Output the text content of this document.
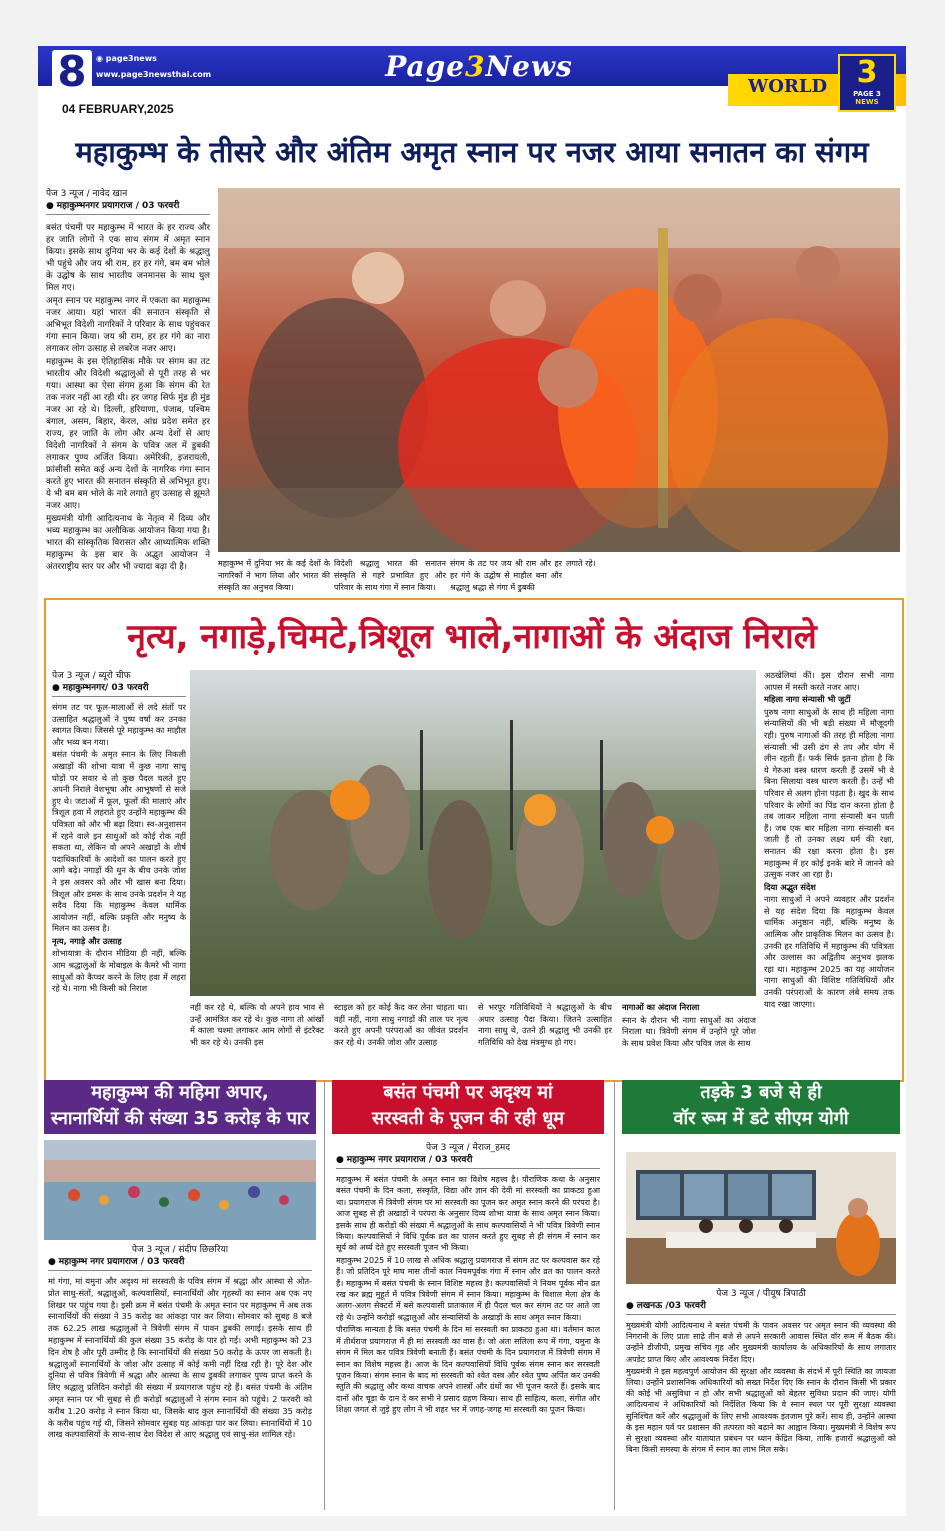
8	◉ page3news
www.page3newsthai.com	Page3News
WORLD 3
PAGE 3
NEWS
04 FEBRUARY,2025
महाकुम्भ के तीसरे और अंतिम अमृत स्नान पर नजर आया सनातन का संगम
पेज 3 न्यूज / नावेद खान
● महाकुम्भनगर प्रयागराज / 03 फरवरी

बसंत पंचमी पर महाकुम्भ में भारत के हर राज्य और हर जाति लोगों ने एक साथ संगम में अमृत स्नान किया। इसके साथ दुनिया भर के कई देशों के श्रद्धालु भी पहुंचे और जय श्री राम, हर हर गंगे, बम बम भोले के उद्घोष के साथ भारतीय जनमानस के साथ घुल मिल गए।

अमृत स्नान पर महाकुम्भ नगर में एकता का महाकुम्भ नजर आया। यहां भारत की सनातन संस्कृति से अभिभूत विदेशी नागरिकों ने परिवार के साथ पहुंचकर गंगा स्नान किया। जय श्री राम, हर हर गंगे का नारा लगाकर लोग उत्साह से लबरेज नजर आए।

महाकुम्भ के इस ऐतिहासिक मौके पर संगम का तट भारतीय और विदेशी श्रद्धालुओं से पूरी तरह से भर गया। आस्था का ऐसा संगम हुआ कि संगम की रेत तक नजर नहीं आ रही थी। हर जगह सिर्फ मुंड ही मुंड नजर आ रहे थे। दिल्ली, हरियाणा, पंजाब, पश्चिम बंगाल, असम, बिहार, केरल, आंध्र प्रदेश समेत हर राज्य, हर जाति के लोग और अन्य देशों से आए विदेशी नागरिकों ने संगम के पवित्र जल में डुबकी लगाकर पुण्य अर्जित किया। अमेरिकी, इजरायली, फ्रांसीसी समेत कई अन्य देशों के नागरिक गंगा स्नान करते हुए भारत की सनातन संस्कृति से अभिभूत हुए। ये भी बम बम भोले के नारे लगाते हुए उत्साह से झूमते नजर आए।

मुख्यमंत्री योगी आदित्यनाथ के नेतृत्व में दिव्य और भव्य महाकुम्भ का अलौकिक आयोजन किया गया है। भारत की सांस्कृतिक विरासत और आध्यात्मिक शक्ति महाकुम्भ के इस बार के अद्भुत आयोजन ने अंतरराष्ट्रीय स्तर पर और भी ज्यादा बढ़ा दी है।	महाकुम्भ में दुनिया भर के कई देशों के नागरिकों ने भाग लिया और भारत की संस्कृति का अनुभव किया।
विदेशी श्रद्धालु भारत की सनातन संस्कृति से गहरे प्रभावित हुए और परिवार के साथ गंगा में स्नान किया।
संगम के तट पर जय श्री राम और हर हर गंगे के उद्घोष से माहौल बना और श्रद्धालु श्रद्धा से गंगा में डुबकी
लगाते रहे।
नृत्य, नगाड़े,चिमटे,त्रिशूल भाले,नागाओं के अंदाज निराले
पेज 3 न्यूज / ब्यूरो चीफ
● महाकुम्भनगर/ 03 फरवरी

संगम तट पर फूल-मालाओं से लदे संतों पर उत्साहित श्रद्धालुओं ने पुष्प वर्षा कर उनका स्वागत किया। जिससे पूरे महाकुम्भ का माहौल और भव्य बन गया।

बसंत पंचमी के अमृत स्नान के लिए निकली अखाड़ों की शोभा यात्रा में कुछ नागा साधु घोड़ों पर सवार थे तो कुछ पैदल चलते हुए अपनी निराले वेशभूषा और आभूषणों से सजे हुए थे। जटाओं में फूल, फूलों की मालाएं और त्रिशूल हवा में लहराते हुए उन्होंने महाकुम्भ की पवित्रता को और भी बढ़ा दिया। स्व-अनुशासन में रहने वाले इन साधुओं को कोई रोक नहीं सकता था, लेकिन वो अपने अखाड़ों के शीर्ष पदाधिकारियों के आदेशों का पालन करते हुए आगे बढ़े। नगाड़ों की धुन के बीच उनके जोश ने इस अवसर को और भी खास बना दिया। त्रिशूल और डमरू के साथ उनके प्रदर्शन ने यह सदैव दिया कि महाकुम्भ केवल धार्मिक आयोजन नहीं, बल्कि प्रकृति और मनुष्य के मिलन का उत्सव है।

नृत्य, नगाड़े और उत्साह

शोभायात्रा के दौरान मीडिया ही नहीं, बल्कि आम श्रद्धालुओं के मोबाइल के कैमरे भी नागा साधुओं को कैप्चर करने के लिए हवा में लहरा रहे थे। नागा भी किसी को निराश

नहीं कर रहे थे, बल्कि वो अपने हाव भाव से उन्हें आमंत्रित कर रहे थे। कुछ नागा तो आंखों में काला चश्मा लगाकर आम लोगों से इंटरैक्ट भी कर रहे थे। उनकी इस
स्टाइल को हर कोई कैद कर लेना चाहता था। वहीं नहीं, नागा साधु नगाड़ों की ताल पर नृत्य करते हुए अपनी परंपराओं का जीवंत प्रदर्शन कर रहे थे। उनकी जोश और उत्साह
से भरपूर गतिविधियों ने श्रद्धालुओं के बीच अपार उत्साह पैदा किया। जितने उत्साहित नागा साधु थे, उतने ही श्रद्धालु भी उनकी हर गतिविधि को देख मंत्रमुग्ध हो गए।

नागाओं का अंदाज निराला

स्नान के दौरान भी नागा साधुओं का अंदाज निराला था। त्रिवेणी संगम में उन्होंने पूरे जोश के साथ प्रवेश किया और पवित्र जल के साथ

अठखेलियां कीं। इस दौरान सभी नागा आपस में मस्ती करते नजर आए।

महिला नागा संन्यासी भी जुटीं

पुरुष नागा साधुओं के साथ ही महिला नागा संन्यासियों की भी बड़ी संख्या में मौजूदगी रही। पुरुष नागाओं की तरह ही महिला नागा संन्यासी भी उसी ढंग से तप और योग में लीन रहती हैं। फर्क सिर्फ इतना होता है कि ये गेरुआ वस्त्र धारण करती हैं उसमें भी वे बिना सिलाया वस्त्र धारण करती हैं। उन्हें भी परिवार से अलग होना पड़ता है। खुद के साथ परिवार के लोगों का पिंड दान करना होता है तब जाकर महिला नागा संन्यासी बन पाती हैं। जब एक बार महिला नागा संन्यासी बन जाती हैं तो उनका लक्ष्य धर्म की रक्षा, सनातन की रक्षा करना होता है। इस महाकुम्भ में हर कोई इनके बारे में जानने को उत्सुक नजर आ रहा है।

दिया अद्भुत संदेश

नागा साधुओं ने अपने व्यवहार और प्रदर्शन से यह संदेश दिया कि महाकुम्भ केवल धार्मिक अनुष्ठान नहीं, बल्कि मनुष्य के आत्मिक और प्राकृतिक मिलन का उत्सव है। उनकी हर गतिविधि में महाकुम्भ की पवित्रता और उल्लास का अद्वितीय अनुभव झलक रहा था। महाकुम्भ 2025 का यह आयोजन नागा साधुओं की विशिष्ट गतिविधियों और उनकी परंपराओं के कारण लंबे समय तक याद रखा जाएगा।

महाकुम्भ की महिमा अपार,
स्नानार्थियों की संख्या 35 करोड़ के पार
पेज 3 न्यूज / संदीप छिछरिया
● महाकुम्भ नगर प्रयागराज / 03 फरवरी
मां गंगा, मां यमुना और अदृश्य मां सरस्वती के पवित्र संगम में श्रद्धा और आस्था से ओत-प्रोत साधु-संतों, श्रद्धालुओं, कल्पवासियों, स्नानार्थियों और गृहस्थों का स्नान अब एक नए शिखर पर पहुंच गया है। इसी क्रम में बसंत पंचमी के अमृत स्नान पर महाकुम्भ में अब तक स्नानार्थियों की संख्या ने 35 करोड़ का आंकड़ा पार कर लिया। सोमवार को सुबह 8 बजे तक 62.25 लाख श्रद्धालुओं ने त्रिवेणी संगम में पावन डुबकी लगाई। इसके साथ ही महाकुम्भ में स्नानार्थियों की कुल संख्या 35 करोड़ के पार हो गई। अभी महाकुम्भ को 23 दिन शेष है और पूरी उम्मीद है कि स्नानार्थियों की संख्या 50 करोड़ के ऊपर जा सकती है। श्रद्धालुओं स्नानार्थियों के जोश और उत्साह में कोई कमी नहीं दिख रही है। पूरे देश और दुनिया से पवित्र त्रिवेणी में श्रद्धा और आस्था के साथ डुबकी लगाकर पुण्य प्राप्त करने के लिए श्रद्धालु प्रतिदिन करोड़ों की संख्या में प्रयागराज पहुंच रहे हैं। बसंत पंचमी के अंतिम अमृत स्नान पर भी सुबह से ही करोड़ों श्रद्धालुओं ने संगम स्नान को पहुंचे। 2 फरवरी को करीब 1.20 करोड़ ने स्नान किया था, जिसके बाद कुल स्नानार्थियों की संख्या 35 करोड़ के करीब पहुंच गई थी, जिसने सोमवार सुबह यह आंकड़ा पार कर लिया। स्नानार्थियों में 10 लाख कल्पवासियों के साथ-साथ देश विदेश से आए श्रद्धालु एवं साधु-संत शामिल रहे।
बसंत पंचमी पर अदृश्य मां
सरस्वती के पूजन की रही धूम
पेज 3 न्यूज / मेराज_हमद
● महाकुम्भ नगर प्रयागराज / 03 फरवरी

महाकुम्भ में बसंत पंचमी के अमृत स्नान का विशेष महत्त्व है। पौराणिक कथा के अनुसार बसंत पंचमी के दिन कला, संस्कृति, विद्या और ज्ञान की देवी मां सरस्वती का प्राकट्य हुआ था। प्रयागराज में त्रिवेणी संगम पर मां सरस्वती का पूजन कर अमृत स्नान करने की परंपरा है। आज सुबह से ही अखाड़ों ने परंपरा के अनुसार दिव्य शोभा यात्रा के साथ अमृत स्नान किया। इसके साथ ही करोड़ों की संख्या में श्रद्धालुओं के साथ कल्पवासियों ने भी पवित्र त्रिवेणी स्नान किया। कल्पवासियों ने विधि पूर्वक व्रत का पालन करते हुए सुबह से ही संगम में स्नान कर सूर्य को अर्घ्य देते हुए सरस्वती पूजन भी किया।

महाकुम्भ 2025 में 10 लाख से अधिक श्रद्धालु प्रयागराज में संगम तट पर कल्पवास कर रहे हैं। जो प्रतिदिन पूरे माघ मास तीनों काल नियमपूर्वक गंगा में स्नान और व्रत का पालन करते हैं। महाकुम्भ में बसंत पंचमी के स्नान विशिष्ट महत्त्व है। कल्पवासियों ने नियम पूर्वक मौन व्रत रख कर ब्रह्म मुहूर्त में पवित्र त्रिवेणी संगम में स्नान किया। महाकुम्भ के विशाल मेला क्षेत्र के अलग-अलग सेक्टरों में बसे कल्पवासी प्रातःकाल में ही पैदल चल कर संगम तट पर आते जा रहे थे। उन्होंने करोड़ों श्रद्धालुओं और संन्यासियों के अखाड़ों के साथ अमृत स्नान किया।

पौराणिक मान्यता है कि बसंत पंचमी के दिन मां सरस्वती का प्राकट्य हुआ था। वर्तमान काल में तीर्थराज प्रयागराज में ही मां सरस्वती का वास है। जो अंतः सलिला रूप में गंगा, यमुना के संगम में मिल कर पवित्र त्रिवेणी बनाती हैं। बसंत पंचमी के दिन प्रयागराज में त्रिवेणी संगम में स्नान का विशेष महत्त्व है। आज के दिन कल्पवासियों विधि पूर्वक संगम स्नान कर सरस्वती पूजन किया। संगम स्नान के बाद मां सरस्वती को श्वेत वस्त्र और श्वेत पुष्प अर्पित कर उनकी स्तुति की श्रद्धालु और कथा वाचक अपने शास्त्रों और ग्रंथों का भी पूजन करते हैं। इसके बाद दानों और चूड़ा के दान दे कर सभी ने प्रसाद ग्रहण किया। साथ ही साहित्य, कला, संगीत और शिक्षा जगत से जुड़े हुए लोग ने भी शहर भर में जगह-जगह मां सरस्वती का पूजन किया।

तड़के 3 बजे से ही
वॉर रूम में डटे सीएम योगी
पेज 3 न्यूज / पीयूष त्रिपाठी
● लखनऊ /03 फरवरी

मुख्यमंत्री योगी आदित्यनाथ ने बसंत पंचमी के पावन अवसर पर अमृत स्नान की व्यवस्था की निगरानी के लिए प्रातः साढ़े तीन बजे से अपने सरकारी आवास स्थित वॉर रूम में बैठक की। उन्होंने डीजीपी, प्रमुख सचिव गृह और मुख्यमंत्री कार्यालय के अधिकारियों के साथ लगातार अपडेट प्राप्त किए और आवश्यक निर्देश दिए।

मुख्यमंत्री ने इस महत्वपूर्ण आयोजन की सुरक्षा और व्यवस्था के संदर्भ में पूरी स्थिति का जायजा लिया। उन्होंने प्रशासनिक अधिकारियों को सख्त निर्देश दिए कि स्नान के दौरान किसी भी प्रकार की कोई भी असुविधा न हो और सभी श्रद्धालुओं को बेहतर सुविधा प्रदान की जाए। योगी आदित्यनाथ ने अधिकारियों को निर्देशित किया कि वे स्नान स्थल पर पूरी सुरक्षा व्यवस्था सुनिश्चित करें और श्रद्धालुओं के लिए सभी आवश्यक इंतजाम पूरे करें। साथ ही, उन्होंने आस्था के इस महान पर्व पर प्रशासन की तत्परता को बढ़ाने का आह्वान किया। मुख्यमंत्री ने विशेष रूप से सुरक्षा व्यवस्था और यातायात प्रबंधन पर ध्यान केंद्रित किया, ताकि हजारों श्रद्धालुओं को बिना किसी समस्या के संगम में स्नान का लाभ मिल सके।
